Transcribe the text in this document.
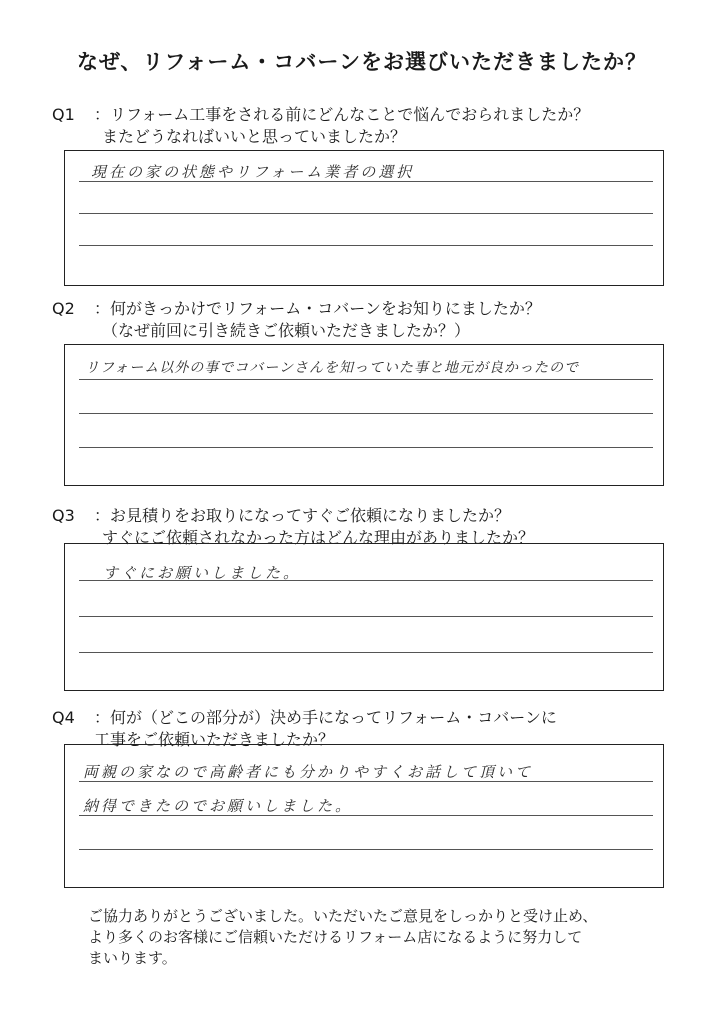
なぜ、リフォーム・コバーンをお選びいただきましたか？
Q1 ：リフォーム工事をされる前にどんなことで悩んでおられましたか？
またどうなればいいと思っていましたか？
現在の家の状態やリフォーム業者の選択
Q2 ：何がきっかけでリフォーム・コバーンをお知りにましたか？
（なぜ前回に引き続きご依頼いただきましたか？）
リフォーム以外の事でコバーンさんを知っていた事と地元が良かったので
Q3 ：お見積りをお取りになってすぐご依頼になりましたか？
すぐにご依頼されなかった方はどんな理由がありましたか？
すぐにお願いしました。
Q4 ：何が（どこの部分が）決め手になってリフォーム・コバーンに
工事をご依頼いただきましたか？
両親の家なので高齢者にも分かりやすくお話して頂いて
納得できたのでお願いしました。
ご協力ありがとうございました。いただいたご意見をしっかりと受け止め、
より多くのお客様にご信頼いただけるリフォーム店になるように努力して
まいります。
